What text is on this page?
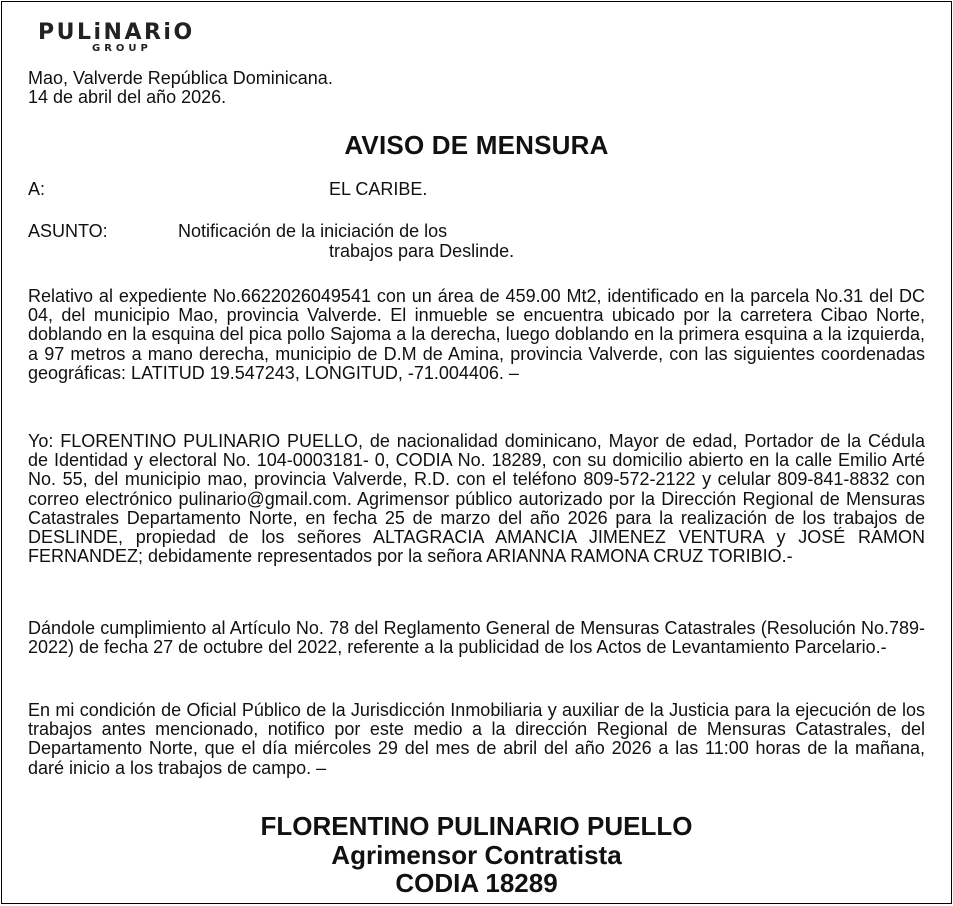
PULiNARiO
GROUP
Mao, Valverde República Dominicana.
14 de abril del año 2026.
AVISO DE MENSURA
A:	EL CARIBE.
ASUNTO:	Notificación de la iniciación de los
trabajos para Deslinde.

Relativo al expediente No.6622026049541 con un área de 459.00 Mt2, identificado en la parcela No.31 del DC 04, del municipio Mao, provincia Valverde. El inmueble se encuentra ubicado por la carretera Cibao Norte, doblando en la esquina del pica pollo Sajoma a la derecha, luego doblando en la primera esquina a la izquierda, a 97 metros a mano derecha, municipio de D.M de Amina, provincia Valverde, con las siguientes coordenadas geográficas: LATITUD 19.547243, LONGITUD, -71.004406. –

Yo: FLORENTINO PULINARIO PUELLO, de nacionalidad dominicano, Mayor de edad, Portador de la Cédula de Identidad y electoral No. 104-0003181- 0, CODIA No. 18289, con su domicilio abierto en la calle Emilio Arté No. 55, del municipio mao, provincia Valverde, R.D. con el teléfono 809-572-2122 y celular 809-841-8832 con correo electrónico pulinario@gmail.com. Agrimensor público autorizado por la Dirección Regional de Mensuras Catastrales Departamento Norte, en fecha 25 de marzo del año 2026 para la realización de los trabajos de DESLINDE, propiedad de los señores ALTAGRACIA AMANCIA JIMENEZ VENTURA y JOSÉ RAMON FERNANDEZ; debidamente representados por la señora ARIANNA RAMONA CRUZ TORIBIO.-

Dándole cumplimiento al Artículo No. 78 del Reglamento General de Mensuras Catastrales (Resolución No.789-2022) de fecha 27 de octubre del 2022, referente a la publicidad de los Actos de Levantamiento Parcelario.-

En mi condición de Oficial Público de la Jurisdicción Inmobiliaria y auxiliar de la Justicia para la ejecución de los trabajos antes mencionado, notifico por este medio a la dirección Regional de Mensuras Catastrales, del Departamento Norte, que el día miércoles 29 del mes de abril del año 2026 a las 11:00 horas de la mañana, daré inicio a los trabajos de campo. –

FLORENTINO PULINARIO PUELLO
Agrimensor Contratista
CODIA 18289
